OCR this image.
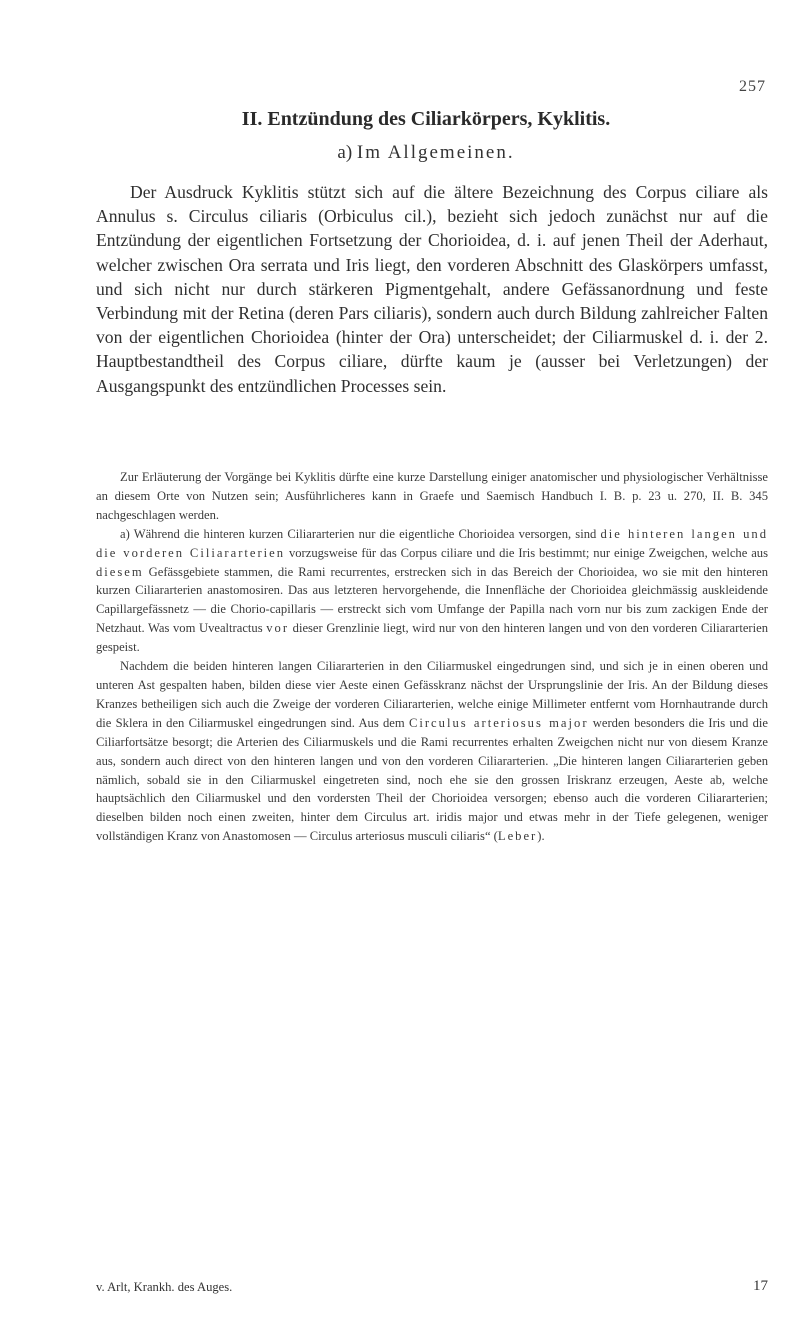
257
II. Entzündung des Ciliarkörpers, Kyklitis.
a) Im Allgemeinen.
Der Ausdruck Kyklitis stützt sich auf die ältere Bezeichnung des Corpus ciliare als Annulus s. Circulus ciliaris (Orbiculus cil.), bezieht sich jedoch zunächst nur auf die Entzündung der eigentlichen Fortsetzung der Chorioidea, d. i. auf jenen Theil der Aderhaut, welcher zwischen Ora serrata und Iris liegt, den vorderen Abschnitt des Glaskörpers umfasst, und sich nicht nur durch stärkeren Pigmentgehalt, andere Gefässanordnung und feste Verbindung mit der Retina (deren Pars ciliaris), sondern auch durch Bildung zahlreicher Falten von der eigentlichen Chorioidea (hinter der Ora) unterscheidet; der Ciliarmuskel d. i. der 2. Hauptbestandtheil des Corpus ciliare, dürfte kaum je (ausser bei Verletzungen) der Ausgangspunkt des entzündlichen Processes sein.

Zur Erläuterung der Vorgänge bei Kyklitis dürfte eine kurze Darstellung einiger anatomischer und physiologischer Verhältnisse an diesem Orte von Nutzen sein; Ausführlicheres kann in Graefe und Saemisch Handbuch I. B. p. 23 u. 270, II. B. 345 nachgeschlagen werden.

a) Während die hinteren kurzen Ciliararterien nur die eigentliche Chorioidea versorgen, sind die hinteren langen und die vorderen Ciliararterien vorzugsweise für das Corpus ciliare und die Iris bestimmt; nur einige Zweigchen, welche aus diesem Gefässgebiete stammen, die Rami recurrentes, erstrecken sich in das Bereich der Chorioidea, wo sie mit den hinteren kurzen Ciliararterien anastomosiren. Das aus letzteren hervorgehende, die Innenfläche der Chorioidea gleichmässig auskleidende Capillargefässnetz — die Chorio-capillaris — erstreckt sich vom Umfange der Papilla nach vorn nur bis zum zackigen Ende der Netzhaut. Was vom Uvealtractus vor dieser Grenzlinie liegt, wird nur von den hinteren langen und von den vorderen Ciliararterien gespeist.

Nachdem die beiden hinteren langen Ciliararterien in den Ciliarmuskel eingedrungen sind, und sich je in einen oberen und unteren Ast gespalten haben, bilden diese vier Aeste einen Gefässkranz nächst der Ursprungslinie der Iris. An der Bildung dieses Kranzes betheiligen sich auch die Zweige der vorderen Ciliararterien, welche einige Millimeter entfernt vom Hornhautrande durch die Sklera in den Ciliarmuskel eingedrungen sind. Aus dem Circulus arteriosus major werden besonders die Iris und die Ciliarfortsätze besorgt; die Arterien des Ciliarmuskels und die Rami recurrentes erhalten Zweigchen nicht nur von diesem Kranze aus, sondern auch direct von den hinteren langen und von den vorderen Ciliararterien. „Die hinteren langen Ciliararterien geben nämlich, sobald sie in den Ciliarmuskel eingetreten sind, noch ehe sie den grossen Iriskranz erzeugen, Aeste ab, welche hauptsächlich den Ciliarmuskel und den vordersten Theil der Chorioidea versorgen; ebenso auch die vorderen Ciliararterien; dieselben bilden noch einen zweiten, hinter dem Circulus art. iridis major und etwas mehr in der Tiefe gelegenen, weniger vollständigen Kranz von Anastomosen — Circulus arteriosus musculi ciliaris“ (Leber).

v. Arlt, Krankh. des Auges.	17
